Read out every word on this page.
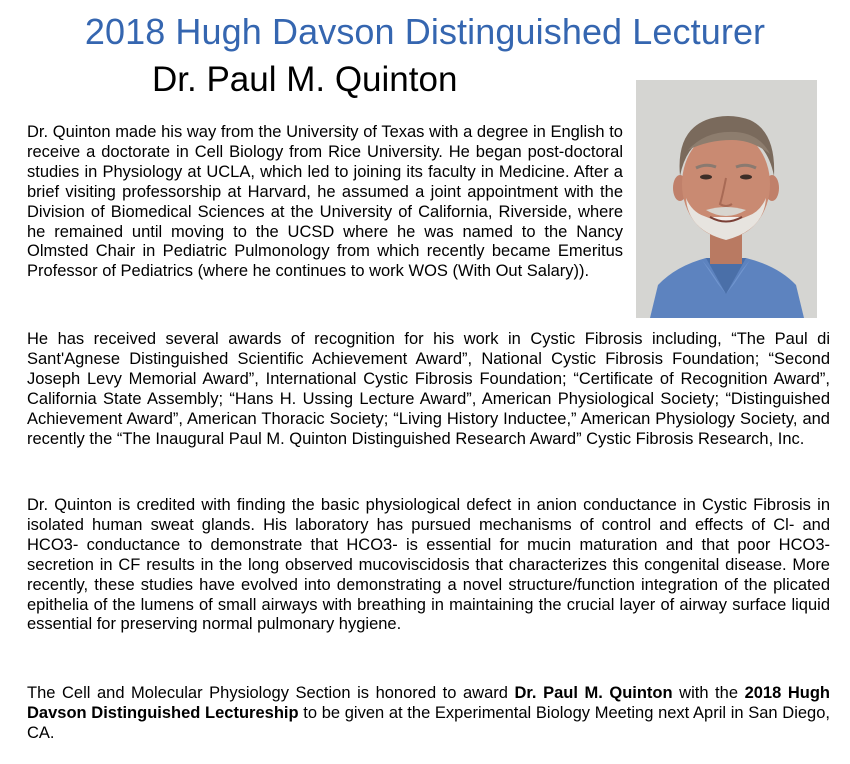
2018 Hugh Davson Distinguished Lecturer
Dr. Paul M. Quinton

Dr. Quinton made his way from the University of Texas with a degree in English to receive a doctorate in Cell Biology from Rice University. He began post-doctoral studies in Physiology at UCLA, which led to joining its faculty in Medicine. After a brief visiting professorship at Harvard, he assumed a joint appointment with the Division of Biomedical Sciences at the University of California, Riverside, where he remained until moving to the UCSD where he was named to the Nancy Olmsted Chair in Pediatric Pulmonology from which recently became Emeritus Professor of Pediatrics (where he continues to work WOS (With Out Salary)).

He has received several awards of recognition for his work in Cystic Fibrosis including, “The Paul di Sant'Agnese Distinguished Scientific Achievement Award”, National Cystic Fibrosis Foundation; “Second Joseph Levy Memorial Award”, International Cystic Fibrosis Foundation; “Certificate of Recognition Award”, California State Assembly; “Hans H. Ussing Lecture Award”, American Physiological Society; “Distinguished Achievement Award”, American Thoracic Society; “Living History Inductee,” American Physiology Society, and recently the “The Inaugural Paul M. Quinton Distinguished Research Award” Cystic Fibrosis Research, Inc.

Dr. Quinton is credited with finding the basic physiological defect in anion conductance in Cystic Fibrosis in isolated human sweat glands. His laboratory has pursued mechanisms of control and effects of Cl- and HCO3- conductance to demonstrate that HCO3- is essential for mucin maturation and that poor HCO3- secretion in CF results in the long observed mucoviscidosis that characterizes this congenital disease. More recently, these studies have evolved into demonstrating a novel structure/function integration of the plicated epithelia of the lumens of small airways with breathing in maintaining the crucial layer of airway surface liquid essential for preserving normal pulmonary hygiene.

The Cell and Molecular Physiology Section is honored to award Dr. Paul M. Quinton with the 2018 Hugh Davson Distinguished Lectureship to be given at the Experimental Biology Meeting next April in San Diego, CA.
